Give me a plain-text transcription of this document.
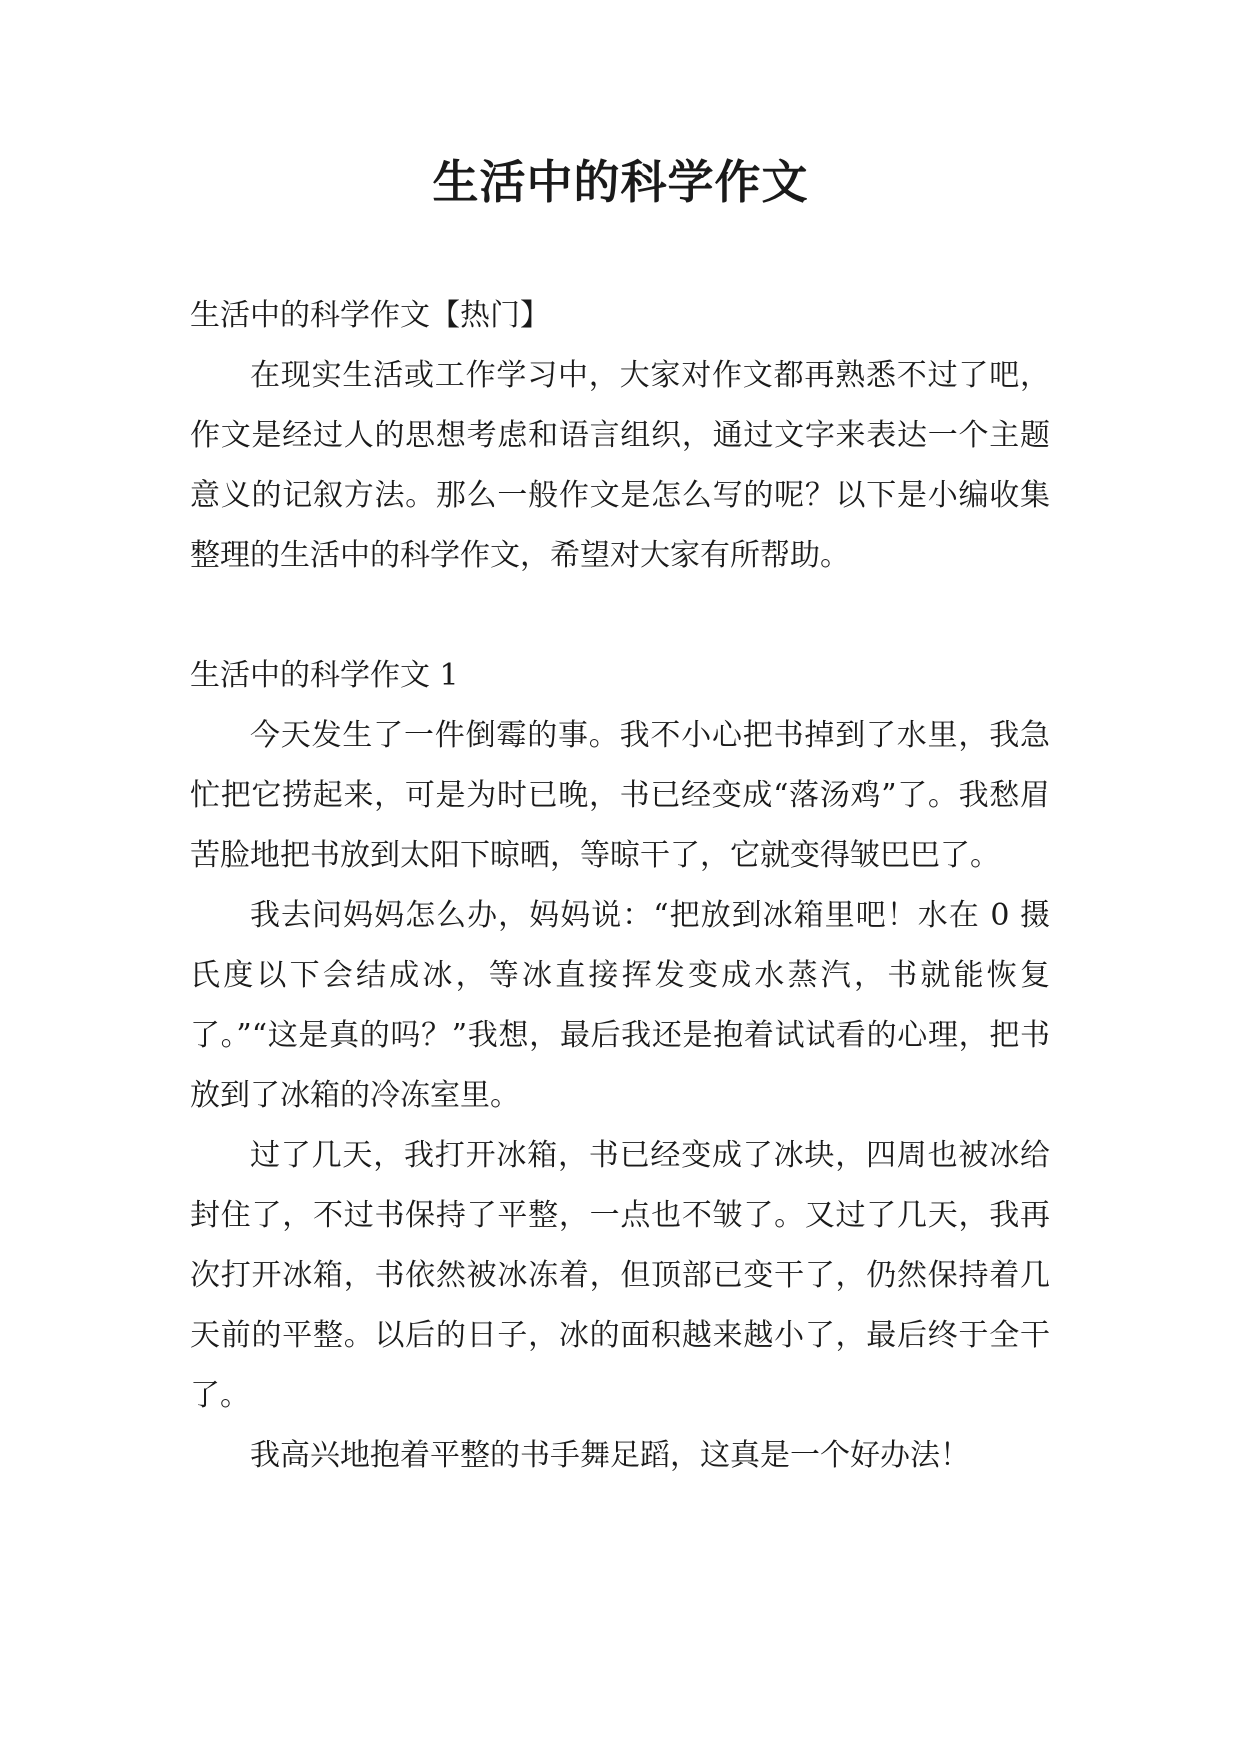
生活中的科学作文

生活中的科学作文【热门】

在现实生活或工作学习中，大家对作文都再熟悉不过了吧，作文是经过人的思想考虑和语言组织，通过文字来表达一个主题意义的记叙方法。那么一般作文是怎么写的呢？以下是小编收集整理的生活中的科学作文，希望对大家有所帮助。

生活中的科学作文 1

今天发生了一件倒霉的事。我不小心把书掉到了水里，我急忙把它捞起来，可是为时已晚，书已经变成“落汤鸡”了。我愁眉苦脸地把书放到太阳下晾晒，等晾干了，它就变得皱巴巴了。

我去问妈妈怎么办，妈妈说：“把放到冰箱里吧！水在 0 摄氏度以下会结成冰，等冰直接挥发变成水蒸汽，书就能恢复了。”“这是真的吗？”我想，最后我还是抱着试试看的心理，把书放到了冰箱的冷冻室里。

过了几天，我打开冰箱，书已经变成了冰块，四周也被冰给封住了，不过书保持了平整，一点也不皱了。又过了几天，我再次打开冰箱，书依然被冰冻着，但顶部已变干了，仍然保持着几天前的平整。以后的日子，冰的面积越来越小了，最后终于全干了。

我高兴地抱着平整的书手舞足蹈，这真是一个好办法！
